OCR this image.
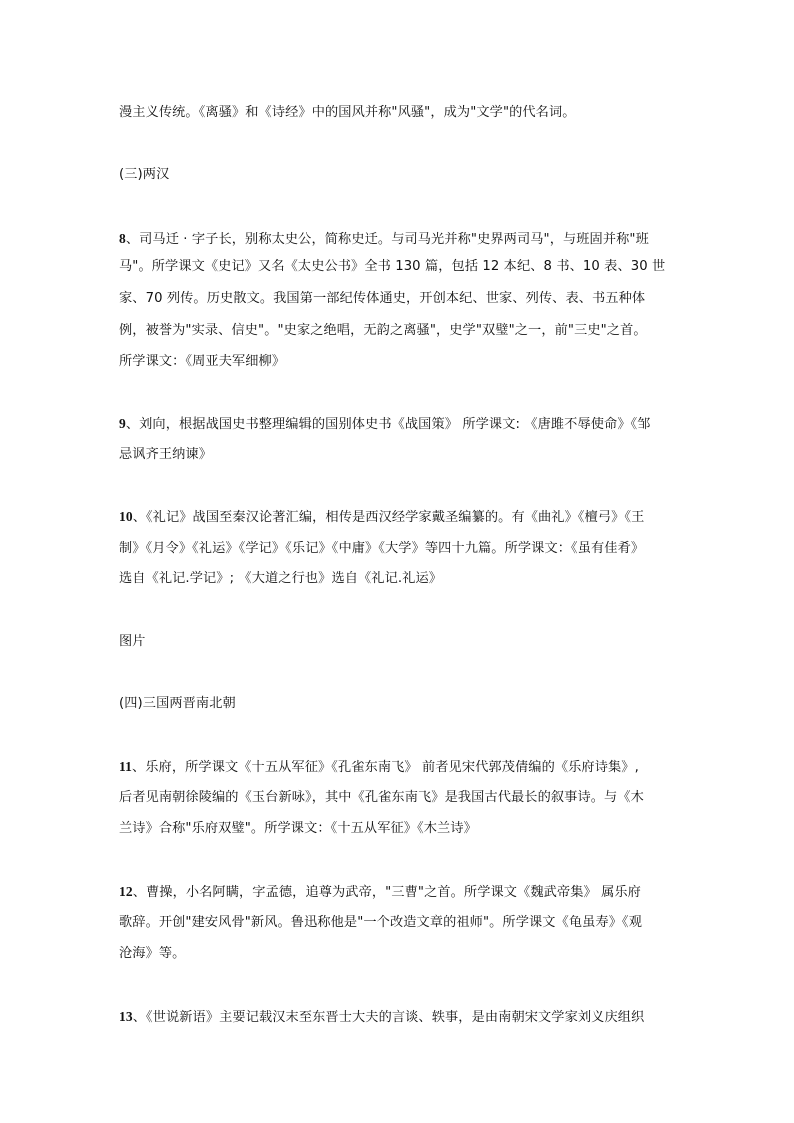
漫主义传统。《离骚》和《诗经》中的国风并称"风骚"，成为"文学"的代名词。
(三)两汉
8、司马迁 · 字子长，别称太史公，简称史迁。与司马光并称"史界两司马"，与班固并称"班
马"。所学课文《史记》又名《太史公书》全书 130 篇，包括 12 本纪、8 书、10 表、30 世
家、70 列传。历史散文。我国第一部纪传体通史，开创本纪、世家、列传、表、书五种体
例，被誉为"实录、信史"。"史家之绝唱，无韵之离骚"，史学"双璧"之一，前"三史"之首。
所学课文：《周亚夫军细柳》
9、刘向，根据战国史书整理编辑的国别体史书《战国策》 所学课文: 《唐雎不辱使命》《邹
忌讽齐王纳谏》
10、《礼记》战国至秦汉论著汇编，相传是西汉经学家戴圣编纂的。有《曲礼》《檀弓》《王
制》《月令》《礼运》《学记》《乐记》《中庸》《大学》等四十九篇。所学课文：《虽有佳肴》
选自《礼记.学记》; 《大道之行也》选自《礼记.礼运》
图片
(四)三国两晋南北朝
11、乐府，所学课文《十五从军征》《孔雀东南飞》 前者见宋代郭茂倩编的《乐府诗集》,
后者见南朝徐陵编的《玉台新咏》，其中《孔雀东南飞》是我国古代最长的叙事诗。与《木
兰诗》合称"乐府双璧"。所学课文：《十五从军征》《木兰诗》
12、曹操，小名阿瞒，字孟德，追尊为武帝，"三曹"之首。所学课文《魏武帝集》 属乐府
歌辞。开创"建安风骨"新风。鲁迅称他是"一个改造文章的祖师"。所学课文《龟虽寿》《观
沧海》等。
13、《世说新语》主要记载汉末至东晋士大夫的言谈、轶事，是由南朝宋文学家刘义庆组织
